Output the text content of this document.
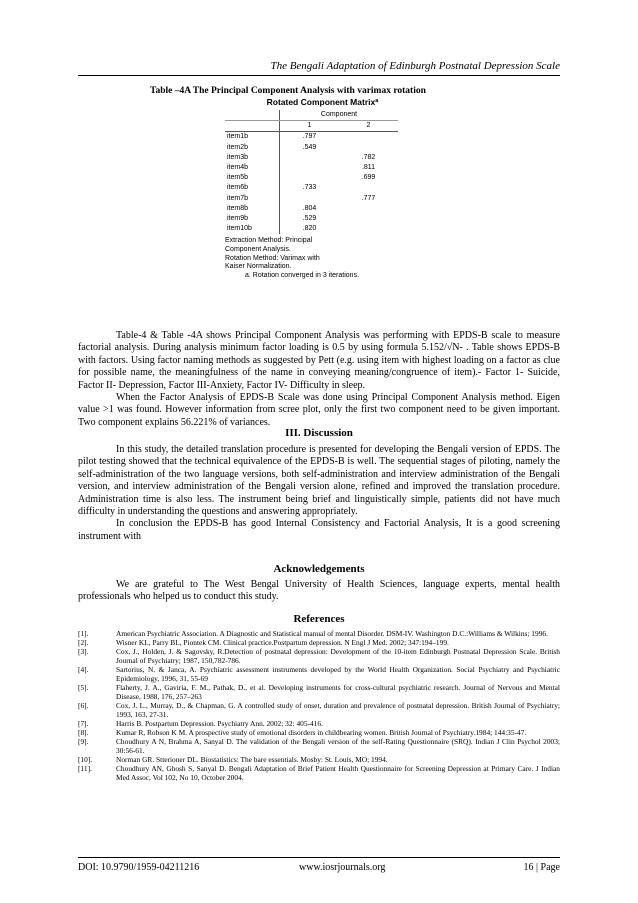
The Bengali Adaptation of Edinburgh Postnatal Depression Scale
Table –4A The Principal Component Analysis with varimax rotation
Rotated Component Matrixª
	Component	
	1	2
item1b	.797	
item2b	.549	
item3b		.782
item4b		.811
item5b		.699
item6b	.733	
item7b		.777
item8b	.804	
item9b	.529	
item10b	.820	
Extraction Method: Principal
Component Analysis.
Rotation Method: Varimax with
Kaiser Normalization.
a. Rotation converged in 3 iterations.

Table-4 & Table -4A shows Principal Component Analysis was performing with EPDS-B scale to measure factorial analysis. During analysis minimum factor loading is 0.5 by using formula 5.152/√N- . Table shows EPDS-B with factors. Using factor naming methods as suggested by Pett (e.g. using item with highest loading on a factor as clue for possible name, the meaningfulness of the name in conveying meaning/congruence of item).- Factor 1- Suicide, Factor II- Depression, Factor III-Anxiety, Factor IV- Difficulty in sleep.

When the Factor Analysis of EPDS-B Scale was done using Principal Component Analysis method. Eigen value >1 was found. However information from scree plot, only the first two component need to be given important. Two component explains 56.221% of variances.

III. Discussion

In this study, the detailed translation procedure is presented for developing the Bengali version of EPDS. The pilot testing showed that the technical equivalence of the EPDS-B is well. The sequential stages of piloting, namely the self-administration of the two language versions, both self-administration and interview administration of the Bengali version, and interview administration of the Bengali version alone, refined and improved the translation procedure. Administration time is also less. The instrument being brief and linguistically simple, patients did not have much difficulty in understanding the questions and answering appropriately.

In conclusion the EPDS-B has good Internal Consistency and Factorial Analysis, It is a good screening instrument with

Acknowledgements

We are grateful to The West Bengal University of Health Sciences, language experts, mental health professionals who helped us to conduct this study.

References
[1].	American Psychiatric Association. A Diagnostic and Statistical manual of mental Disorder. DSM-IV. Washington D.C.:Williams & Wilkins; 1996.
[2].	Wisner KL, Parry BL, Piontek CM. Clinical practice.Postpartum depression. N Engl J Med. 2002; 347:194–199.
[3].	Cox, J., Holden, J. & Sagovsky, R.Detection of postnatal depression: Development of the 10-item Edinburgh Postnatal Depression Scale. British Journal of Psychiatry; 1987, 150,782-786.
[4].	Sartorius, N. & Janca, A. Psychiatric assessment instruments developed by the World Health Organization. Social Psychiatry and Psychiatric Epidemiology, 1996, 31, 55-69
[5].	Flaherty, J. A., Gaviria, F. M., Pathak, D., et al. Developing instruments for cross-cultural psychiatric research. Journal of Nervous and Mental Disease, 1988, 176, 257–263
[6].	Cox, J. L., Murray, D., & Chapman, G. A controlled study of onset, duration and prevalence of postnatal depression. British Journal of Psychiatry; 1993, 163, 27-31.
[7].	Harris B. Postpartum Depression. Psychiatry Ann. 2002; 32: 405-416.
[8].	Kumar R, Robson K M. A prospective study of emotional disorders in childbearing women. British Journal of Psychiatry.1984; 144:35-47.
[9].	Choudhury A N, Brahma A, Sanyal D. The validation of the Bengali version of the self-Rating Questionnaire (SRQ). Indian J Clin Psychol 2003; 30:56-61.
[10].	Norman GR. Stterioner DL. Biostatistics: The bare essentials. Mosby: St. Louis, MO; 1994.
[11].	Choudhury AN, Ghosh S, Sanyal D. Bengali Adaptation of Brief Patient Health Questionnaire for Screening Depression at Primary Care. J Indian Med Assoc, Vol 102, No 10, October 2004.
DOI: 10.9790/1959-04211216	www.iosrjournals.org	16 | Page
